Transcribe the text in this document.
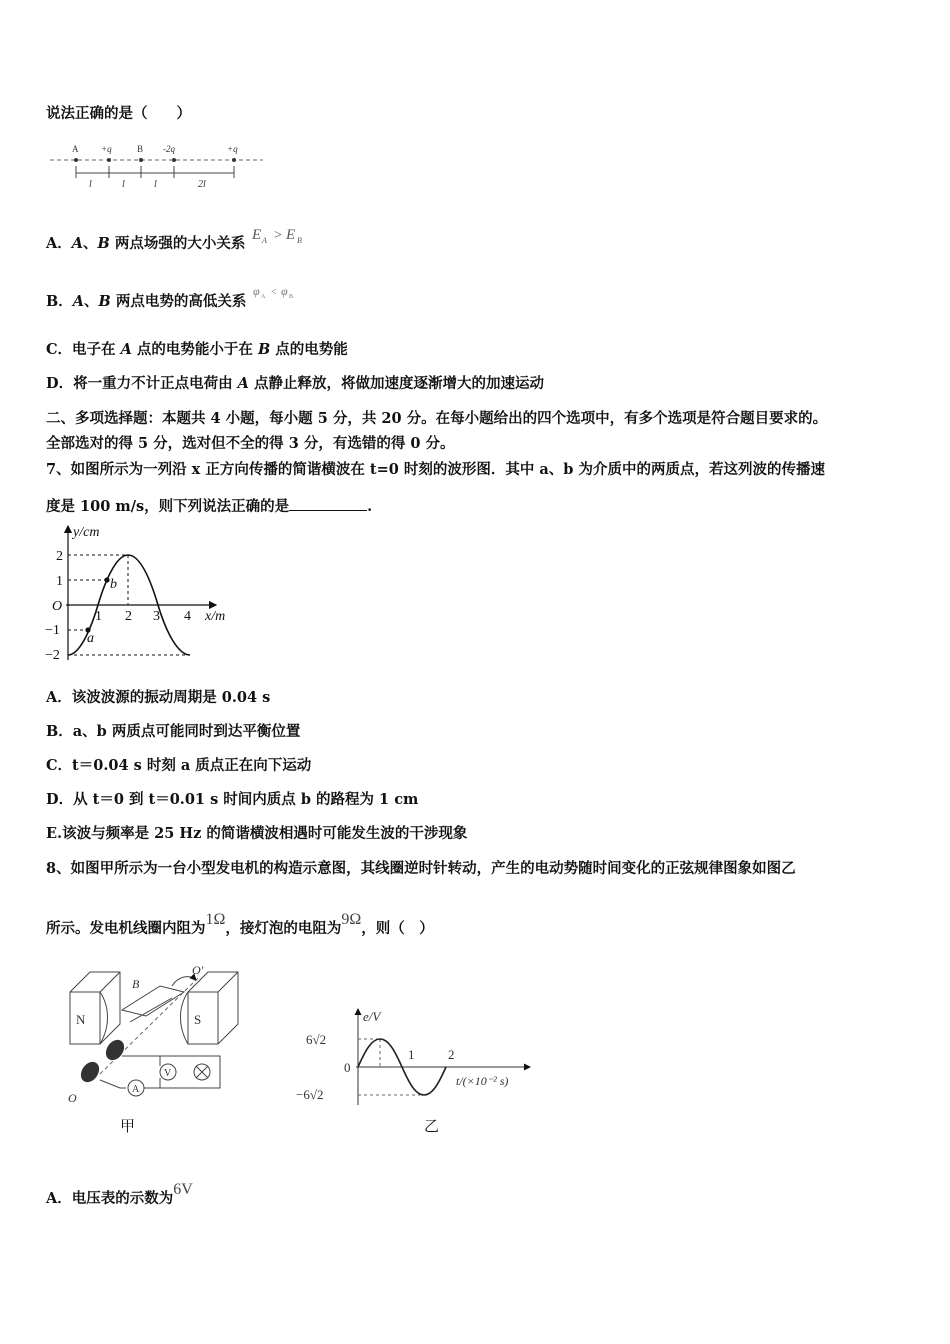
说法正确的是（　　）
A	+q	B -2q	+q
l	l	l	2l
A．A、B 两点场强的大小关系
E A > E B
B．A、B 两点电势的高低关系
φ A < φ B
C．电子在 A 点的电势能小于在 B 点的电势能
D．将一重力不计正点电荷由 A 点静止释放，将做加速度逐渐增大的加速运动
二、多项选择题：本题共 4 小题，每小题 5 分，共 20 分。在每小题给出的四个选项中，有多个选项是符合题目要求的。
全部选对的得 5 分，选对但不全的得 3 分，有选错的得 0 分。
7、如图所示为一列沿 x 正方向传播的简谐横波在 t=0 时刻的波形图．其中 a、b 为介质中的两质点，若这列波的传播速
度是 100 m/s，则下列说法正确的是	.
y/cm
x/m
O
2
1
−1
−2
1 2 3 4
b
a
A．该波波源的振动周期是 0.04 s
B．a、b 两质点可能同时到达平衡位置
C．t＝0.04 s 时刻 a 质点正在向下运动
D．从 t＝0 到 t＝0.01 s 时间内质点 b 的路程为 1 cm
E.该波与频率是 25 Hz 的简谐横波相遇时可能发生波的干涉现象
8、如图甲所示为一台小型发电机的构造示意图，其线圈逆时针转动，产生的电动势随时间变化的正弦规律图象如图乙
所示。发电机线圈内阻为1Ω，接灯泡的电阻为9Ω，则（　）
N	S
B
O′
O
A
V
甲
e/V
t/(×10⁻² s)
6√2
0
−6√2
1	2
乙
A．电压表的示数为6V
